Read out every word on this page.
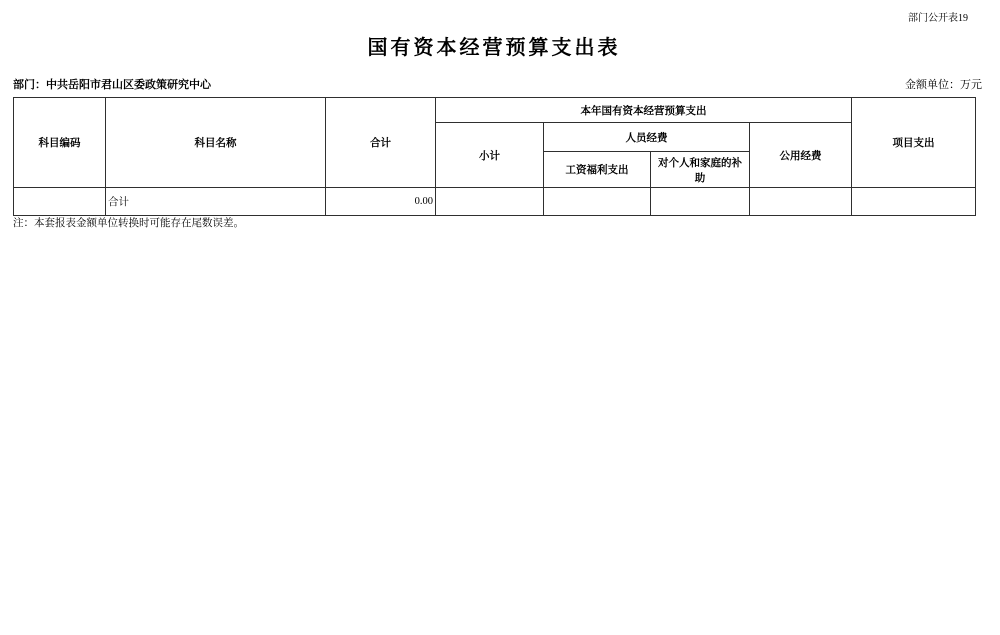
部门公开表19
国有资本经营预算支出表
部门：中共岳阳市君山区委政策研究中心	金额单位：万元
科目编码	科目名称	合计	本年国有资本经营预算支出				项目支出
			小计	人员经费		公用经费	
				工资福利支出	对个人和家庭的补助		
	合计	0.00					
注：本套报表金额单位转换时可能存在尾数误差。
